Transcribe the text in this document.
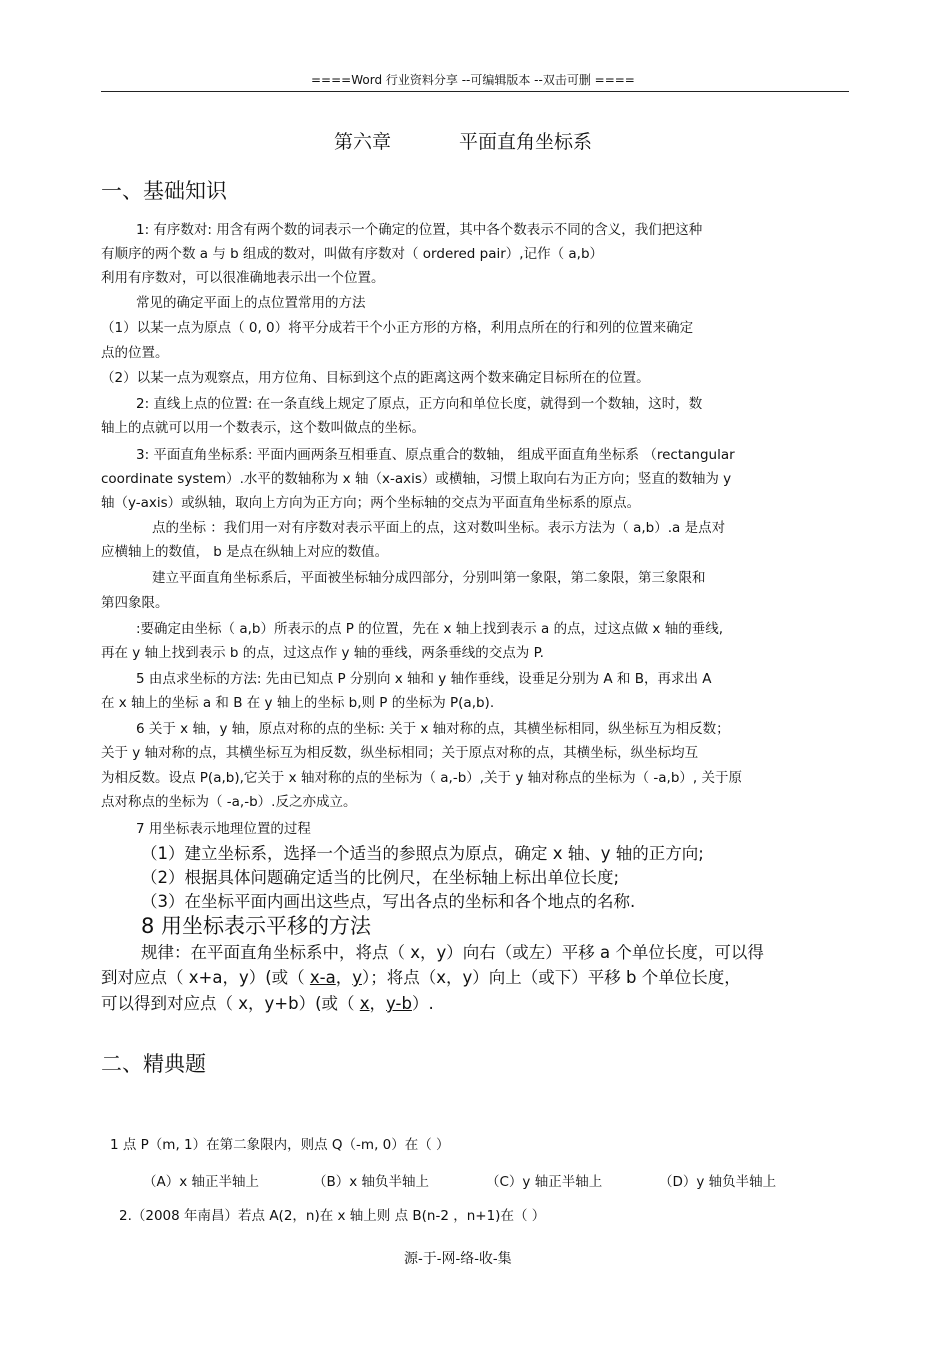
====Word 行业资料分享 --可编辑版本 --双击可删 ====
第六章	平面直角坐标系
一、基础知识
1: 有序数对: 用含有两个数的词表示一个确定的位置，其中各个数表示不同的含义，我们把这种
有顺序的两个数 a 与 b 组成的数对，叫做有序数对（ ordered pair）,记作（ a,b）
利用有序数对，可以很准确地表示出一个位置。
常见的确定平面上的点位置常用的方法
（1）以某一点为原点（ 0, 0）将平分成若干个小正方形的方格，利用点所在的行和列的位置来确定
点的位置。
（2）以某一点为观察点，用方位角、目标到这个点的距离这两个数来确定目标所在的位置。
2: 直线上点的位置: 在一条直线上规定了原点，正方向和单位长度，就得到一个数轴，这时，数
轴上的点就可以用一个数表示，这个数叫做点的坐标。
3: 平面直角坐标系: 平面内画两条互相垂直、原点重合的数轴， 组成平面直角坐标系 （rectangular
coordinate system）.水平的数轴称为 x 轴（x-axis）或横轴，习惯上取向右为正方向；竖直的数轴为 y
轴（y-axis）或纵轴，取向上方向为正方向；两个坐标轴的交点为平面直角坐标系的原点。
点的坐标 ：我们用一对有序数对表示平面上的点，这对数叫坐标。表示方法为（ a,b）.a 是点对
应横轴上的数值， b 是点在纵轴上对应的数值。
建立平面直角坐标系后，平面被坐标轴分成四部分，分别叫第一象限，第二象限，第三象限和
第四象限。
:要确定由坐标（ a,b）所表示的点 P 的位置，先在 x 轴上找到表示 a 的点，过这点做 x 轴的垂线,
再在 y 轴上找到表示 b 的点，过这点作 y 轴的垂线，两条垂线的交点为 P.
5 由点求坐标的方法: 先由已知点 P 分别向 x 轴和 y 轴作垂线，设垂足分别为 A 和 B，再求出 A
在 x 轴上的坐标 a 和 B 在 y 轴上的坐标 b,则 P 的坐标为 P(a,b).
6 关于 x 轴，y 轴，原点对称的点的坐标: 关于 x 轴对称的点，其横坐标相同，纵坐标互为相反数；
关于 y 轴对称的点，其横坐标互为相反数，纵坐标相同；关于原点对称的点，其横坐标，纵坐标均互
为相反数。设点 P(a,b),它关于 x 轴对称的点的坐标为（ a,-b）,关于 y 轴对称点的坐标为（ -a,b）, 关于原
点对称点的坐标为（ -a,-b）.反之亦成立。
7 用坐标表示地理位置的过程
（1）建立坐标系，选择一个适当的参照点为原点，确定 x 轴、y 轴的正方向;
（2）根据具体问题确定适当的比例尺，在坐标轴上标出单位长度;
（3）在坐标平面内画出这些点，写出各点的坐标和各个地点的名称.
8 用坐标表示平移的方法
规律：在平面直角坐标系中，将点（ x，y）向右（或左）平移 a 个单位长度，可以得
到对应点（ x+a，y）(或（ x-a，y）；将点（x，y）向上（或下）平移 b 个单位长度，
可以得到对应点（ x，y+b）(或（ x，y-b）.
二、精典题
1 点 P（m, 1）在第二象限内，则点 Q（-m, 0）在（ ）
（A）x 轴正半轴上	（B）x 轴负半轴上	（C）y 轴正半轴上	（D）y 轴负半轴上
2.（2008 年南昌）若点 A(2，n)在 x 轴上则 点 B(n-2 ，n+1)在（ ）
源-于-网-络-收-集
